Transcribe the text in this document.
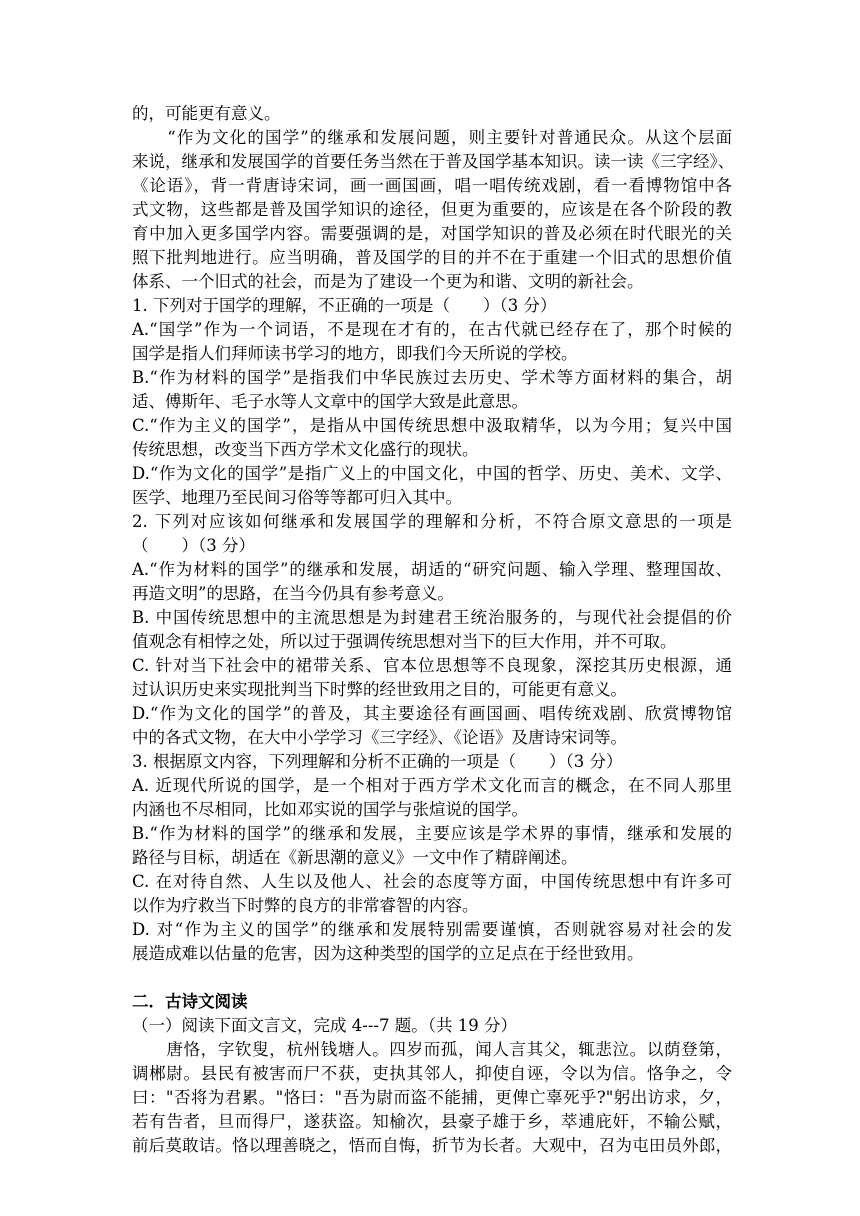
的，可能更有意义。
　　“作为文化的国学”的继承和发展问题，则主要针对普通民众。从这个层面
来说，继承和发展国学的首要任务当然在于普及国学基本知识。读一读《三字经》、
《论语》，背一背唐诗宋词，画一画国画，唱一唱传统戏剧，看一看博物馆中各
式文物，这些都是普及国学知识的途径，但更为重要的，应该是在各个阶段的教
育中加入更多国学内容。需要强调的是，对国学知识的普及必须在时代眼光的关
照下批判地进行。应当明确，普及国学的目的并不在于重建一个旧式的思想价值
体系、一个旧式的社会，而是为了建设一个更为和谐、文明的新社会。
1. 下列对于国学的理解，不正确的一项是（　　）（3 分）
A.“国学”作为一个词语，不是现在才有的，在古代就已经存在了，那个时候的
国学是指人们拜师读书学习的地方，即我们今天所说的学校。
B.“作为材料的国学”是指我们中华民族过去历史、学术等方面材料的集合，胡
适、傅斯年、毛子水等人文章中的国学大致是此意思。
C.“作为主义的国学”，是指从中国传统思想中汲取精华，以为今用；复兴中国
传统思想，改变当下西方学术文化盛行的现状。
D.“作为文化的国学”是指广义上的中国文化，中国的哲学、历史、美术、文学、
医学、地理乃至民间习俗等等都可归入其中。
2. 下列对应该如何继承和发展国学的理解和分析，不符合原文意思的一项是
（　　）（3 分）
A.“作为材料的国学”的继承和发展，胡适的“研究问题、输入学理、整理国故、
再造文明”的思路，在当今仍具有参考意义。
B. 中国传统思想中的主流思想是为封建君王统治服务的，与现代社会提倡的价
值观念有相悖之处，所以过于强调传统思想对当下的巨大作用，并不可取。
C. 针对当下社会中的裙带关系、官本位思想等不良现象，深挖其历史根源，通
过认识历史来实现批判当下时弊的经世致用之目的，可能更有意义。
D.“作为文化的国学”的普及，其主要途径有画国画、唱传统戏剧、欣赏博物馆
中的各式文物，在大中小学学习《三字经》、《论语》及唐诗宋词等。
3. 根据原文内容，下列理解和分析不正确的一项是（　　）（3 分）
A. 近现代所说的国学，是一个相对于西方学术文化而言的概念，在不同人那里
内涵也不尽相同，比如邓实说的国学与张煊说的国学。
B.“作为材料的国学”的继承和发展，主要应该是学术界的事情，继承和发展的
路径与目标，胡适在《新思潮的意义》一文中作了精辟阐述。
C. 在对待自然、人生以及他人、社会的态度等方面，中国传统思想中有许多可
以作为疗救当下时弊的良方的非常睿智的内容。
D. 对“作为主义的国学”的继承和发展特别需要谨慎，否则就容易对社会的发
展造成难以估量的危害，因为这种类型的国学的立足点在于经世致用。
二．古诗文阅读
（一）阅读下面文言文，完成 4---7 题。（共 19 分）
　　唐恪，字钦叟，杭州钱塘人。四岁而孤，闻人言其父，辄悲泣。以荫登第，
调郴尉。县民有被害而尸不获，吏执其邻人，抑使自诬，令以为信。恪争之，令
曰："否将为君累。"恪曰："吾为尉而盗不能捕，更俾亡辜死乎?"躬出访求，夕，
若有告者，旦而得尸，遂获盗。知榆次，县豪子雄于乡，萃逋庇奸，不输公赋，
前后莫敢诘。恪以理善晓之，悟而自悔，折节为长者。大观中，召为屯田员外郎，
